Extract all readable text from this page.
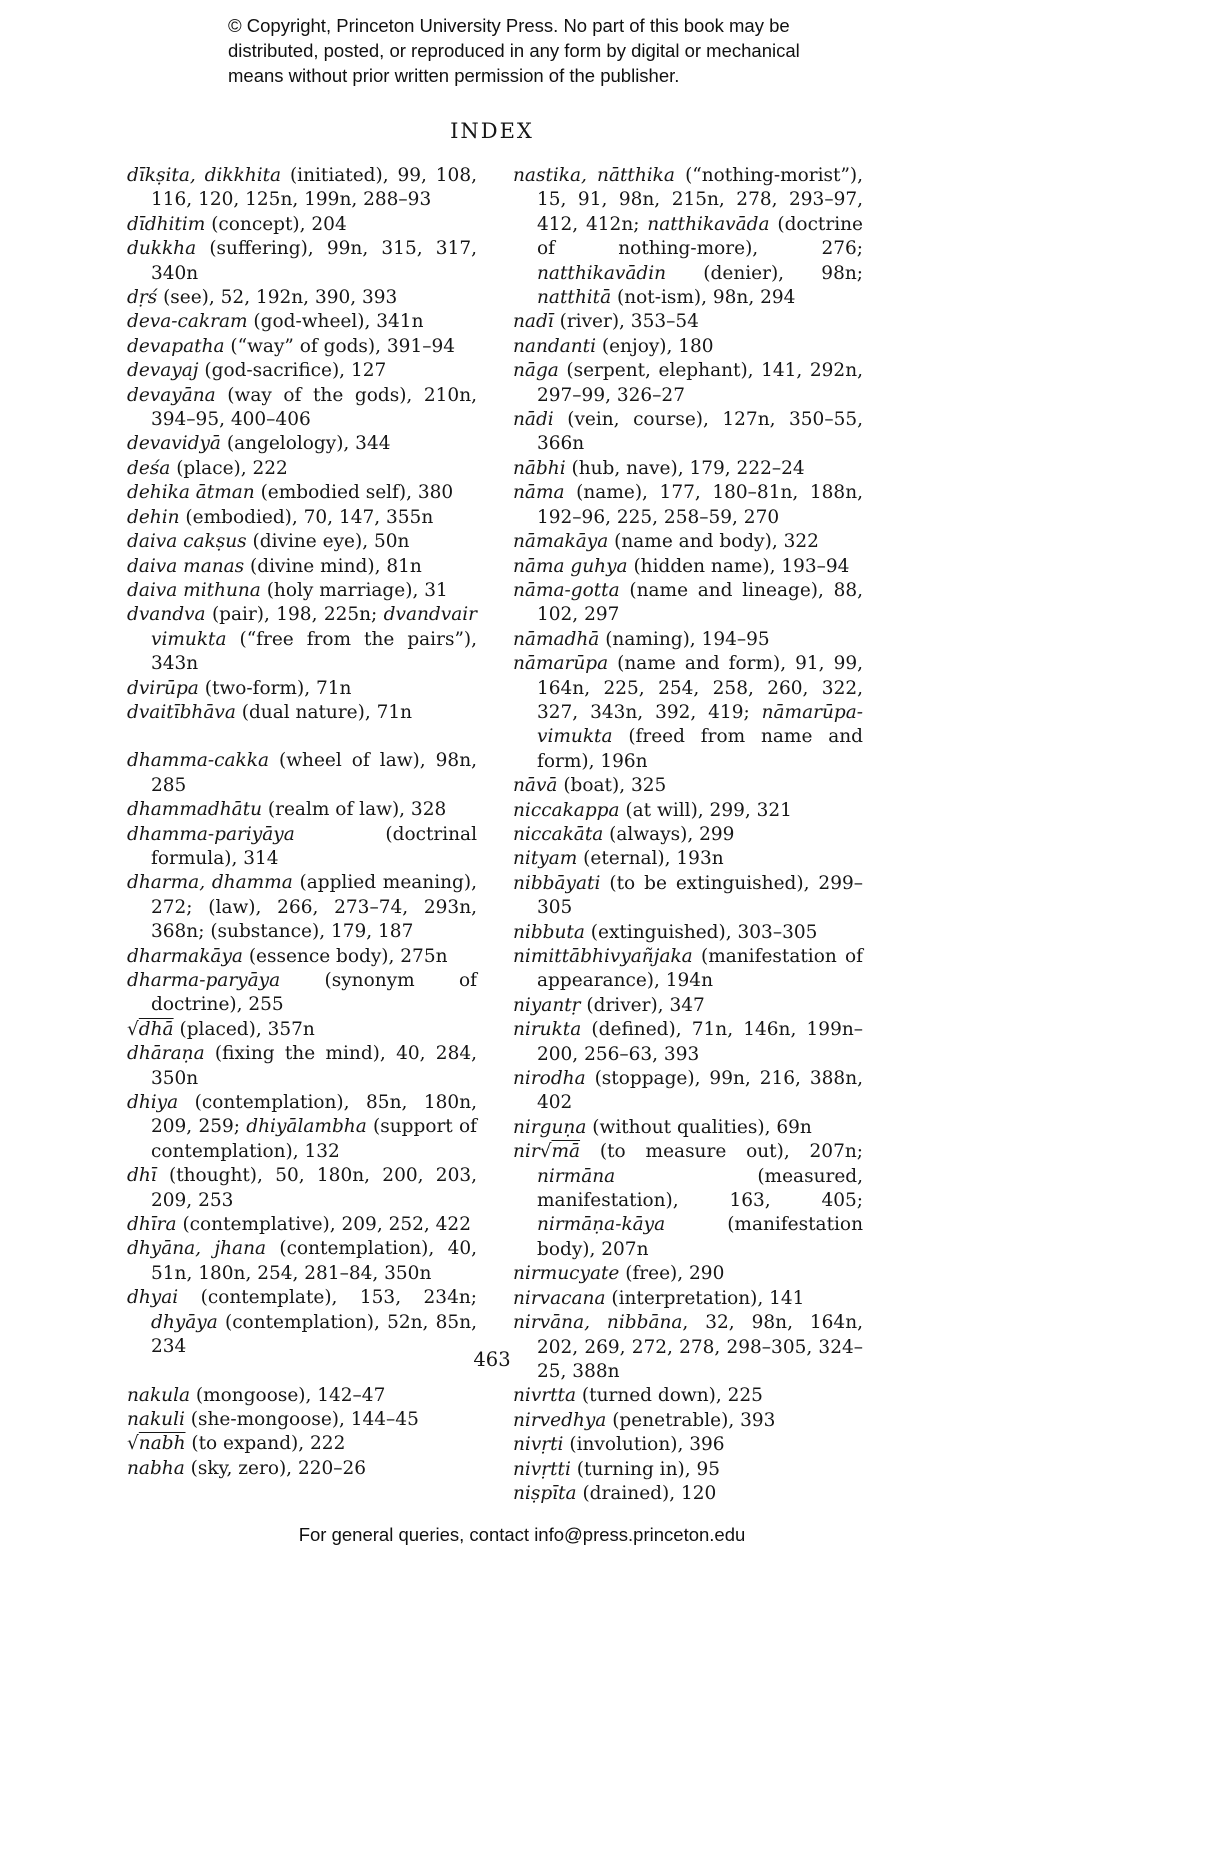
© Copyright, Princeton University Press. No part of this book may be
distributed, posted, or reproduced in any form by digital or mechanical
means without prior written permission of the publisher.
INDEX
dīkṣita, dikkhita (initiated), 99, 108, 116, 120, 125n, 199n, 288–93
dīdhitim (concept), 204
dukkha (suffering), 99n, 315, 317, 340n
dṛś (see), 52, 192n, 390, 393
deva-cakram (god-wheel), 341n
devapatha (“way” of gods), 391–94
devayaj (god-sacrifice), 127
devayāna (way of the gods), 210n, 394–95, 400–406
devavidyā (angelology), 344
deśa (place), 222
dehika ātman (embodied self), 380
dehin (embodied), 70, 147, 355n
daiva cakṣus (divine eye), 50n
daiva manas (divine mind), 81n
daiva mithuna (holy marriage), 31
dvandva (pair), 198, 225n; dvandvair vimukta (“free from the pairs”), 343n
dvirūpa (two-form), 71n
dvaitībhāva (dual nature), 71n
dhamma-cakka (wheel of law), 98n, 285
dhammadhātu (realm of law), 328
dhamma-pariyāya (doctrinal formula), 314
dharma, dhamma (applied meaning), 272; (law), 266, 273–74, 293n, 368n; (substance), 179, 187
dharmakāya (essence body), 275n
dharma-paryāya (synonym of doctrine), 255
√dhā (placed), 357n
dhāraṇa (fixing the mind), 40, 284, 350n
dhiya (contemplation), 85n, 180n, 209, 259; dhiyālambha (support of contemplation), 132
dhī (thought), 50, 180n, 200, 203, 209, 253
dhīra (contemplative), 209, 252, 422
dhyāna, jhana (contemplation), 40, 51n, 180n, 254, 281–84, 350n
dhyai (contemplate), 153, 234n; dhyāya (contemplation), 52n, 85n, 234
nakula (mongoose), 142–47
nakuli (she-mongoose), 144–45
√nabh (to expand), 222
nabha (sky, zero), 220–26
nastika, nātthika (“nothing-morist”), 15, 91, 98n, 215n, 278, 293–97, 412, 412n; natthikavāda (doctrine of nothing-more), 276; natthikavādin (denier), 98n; natthitā (not-ism), 98n, 294
nadī (river), 353–54
nandanti (enjoy), 180
nāga (serpent, elephant), 141, 292n, 297–99, 326–27
nādi (vein, course), 127n, 350–55, 366n
nābhi (hub, nave), 179, 222–24
nāma (name), 177, 180–81n, 188n, 192–96, 225, 258–59, 270
nāmakāya (name and body), 322
nāma guhya (hidden name), 193–94
nāma-gotta (name and lineage), 88, 102, 297
nāmadhā (naming), 194–95
nāmarūpa (name and form), 91, 99, 164n, 225, 254, 258, 260, 322, 327, 343n, 392, 419; nāmarūpa-vimukta (freed from name and form), 196n
nāvā (boat), 325
niccakappa (at will), 299, 321
niccakāta (always), 299
nityam (eternal), 193n
nibbāyati (to be extinguished), 299–305
nibbuta (extinguished), 303–305
nimittābhivyañjaka (manifestation of appearance), 194n
niyantṛ (driver), 347
nirukta (defined), 71n, 146n, 199n–200, 256–63, 393
nirodha (stoppage), 99n, 216, 388n, 402
nirguṇa (without qualities), 69n
nir√mā (to measure out), 207n; nirmāna (measured, manifestation), 163, 405; nirmāṇa-kāya (manifestation body), 207n
nirmucyate (free), 290
nirvacana (interpretation), 141
nirvāna, nibbāna, 32, 98n, 164n, 202, 269, 272, 278, 298–305, 324–25, 388n
nivrtta (turned down), 225
nirvedhya (penetrable), 393
nivṛti (involution), 396
nivṛtti (turning in), 95
niṣpīta (drained), 120
463
For general queries, contact info@press.princeton.edu
